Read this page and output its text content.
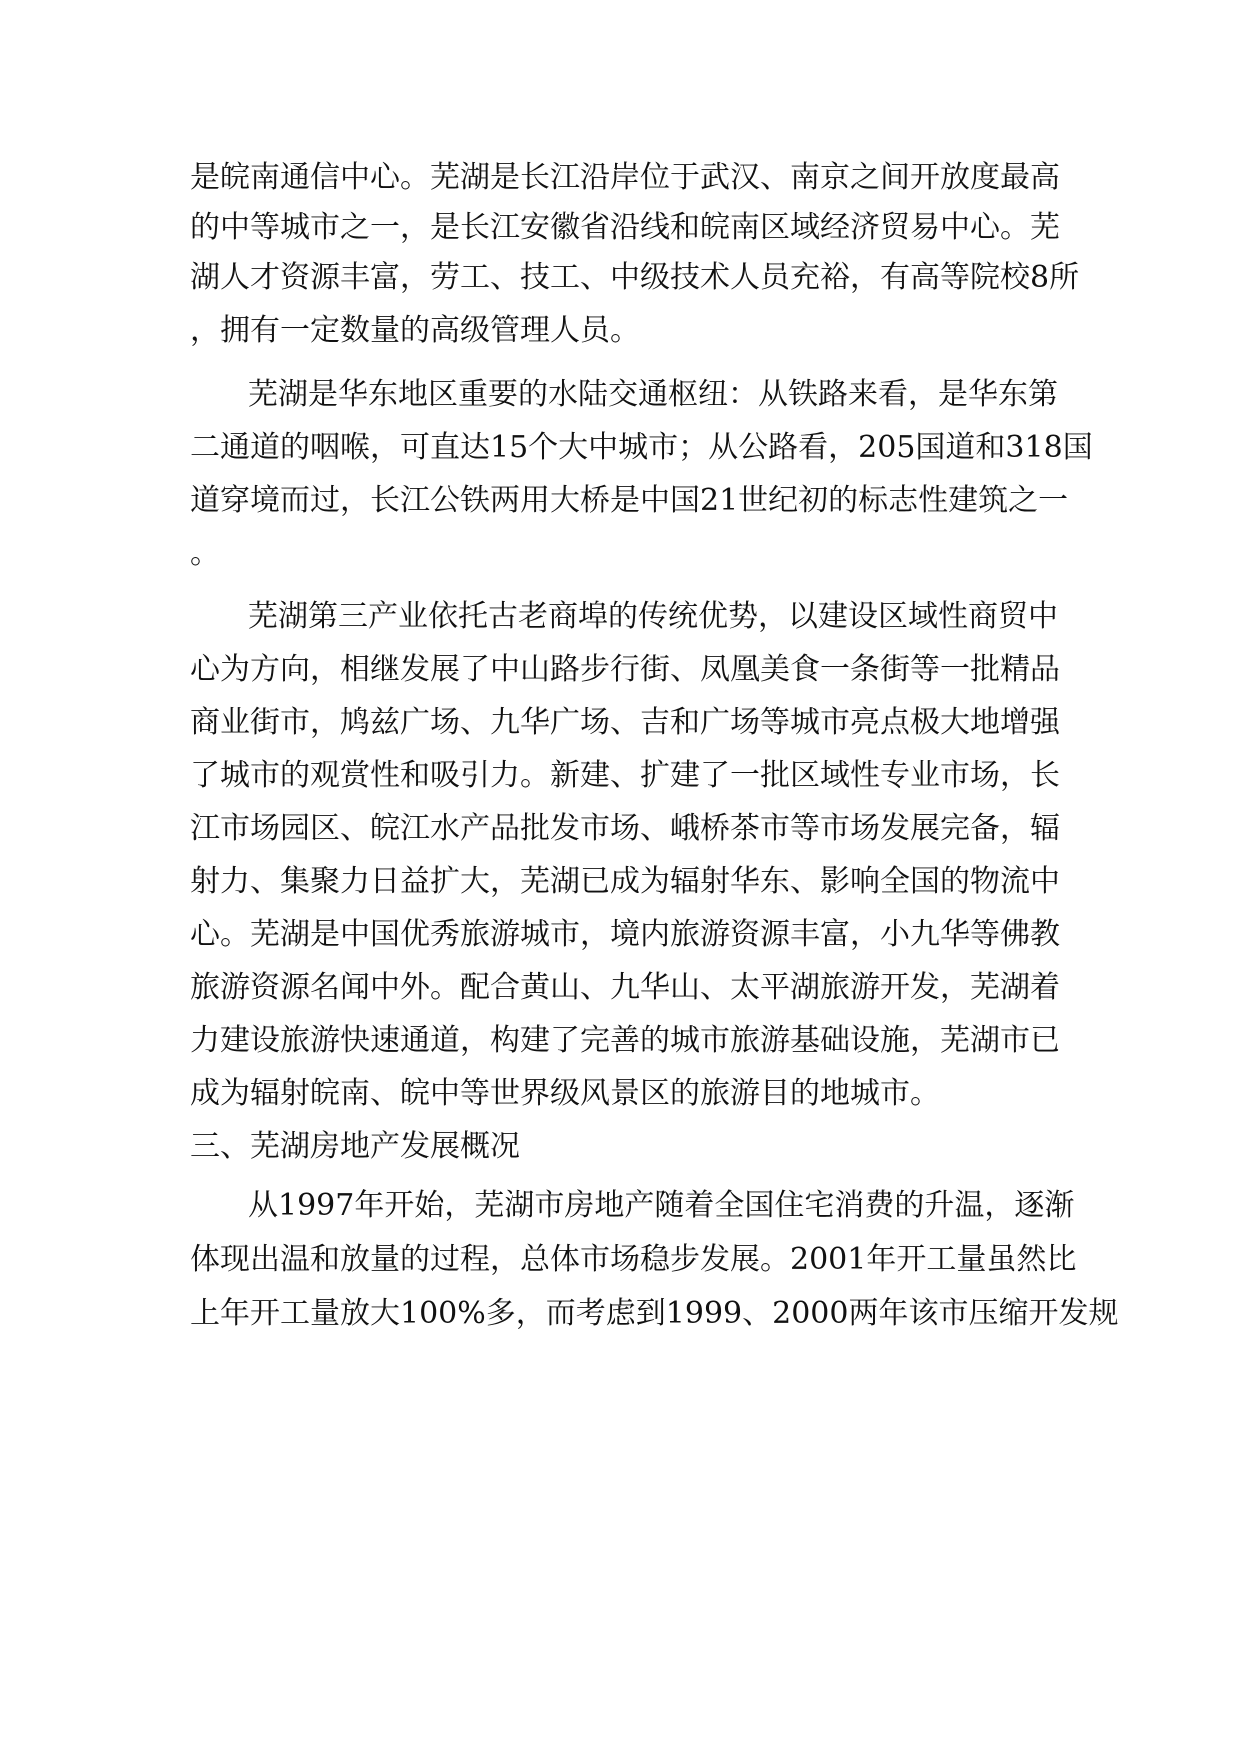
是皖南通信中心。芜湖是长江沿岸位于武汉、南京之间开放度最高
的中等城市之一，是长江安徽省沿线和皖南区域经济贸易中心。芜
湖人才资源丰富，劳工、技工、中级技术人员充裕，有高等院校8所
，拥有一定数量的高级管理人员。
芜湖是华东地区重要的水陆交通枢纽：从铁路来看，是华东第
二通道的咽喉，可直达15个大中城市；从公路看，205国道和318国
道穿境而过，长江公铁两用大桥是中国21世纪初的标志性建筑之一
。
芜湖第三产业依托古老商埠的传统优势，以建设区域性商贸中
心为方向，相继发展了中山路步行街、凤凰美食一条街等一批精品
商业街市，鸠兹广场、九华广场、吉和广场等城市亮点极大地增强
了城市的观赏性和吸引力。新建、扩建了一批区域性专业市场，长
江市场园区、皖江水产品批发市场、峨桥茶市等市场发展完备，辐
射力、集聚力日益扩大，芜湖已成为辐射华东、影响全国的物流中
心。芜湖是中国优秀旅游城市，境内旅游资源丰富，小九华等佛教
旅游资源名闻中外。配合黄山、九华山、太平湖旅游开发，芜湖着
力建设旅游快速通道，构建了完善的城市旅游基础设施，芜湖市已
成为辐射皖南、皖中等世界级风景区的旅游目的地城市。
三、芜湖房地产发展概况
从1997年开始，芜湖市房地产随着全国住宅消费的升温，逐渐
体现出温和放量的过程，总体市场稳步发展。2001年开工量虽然比
上年开工量放大100%多，而考虑到1999、2000两年该市压缩开发规
